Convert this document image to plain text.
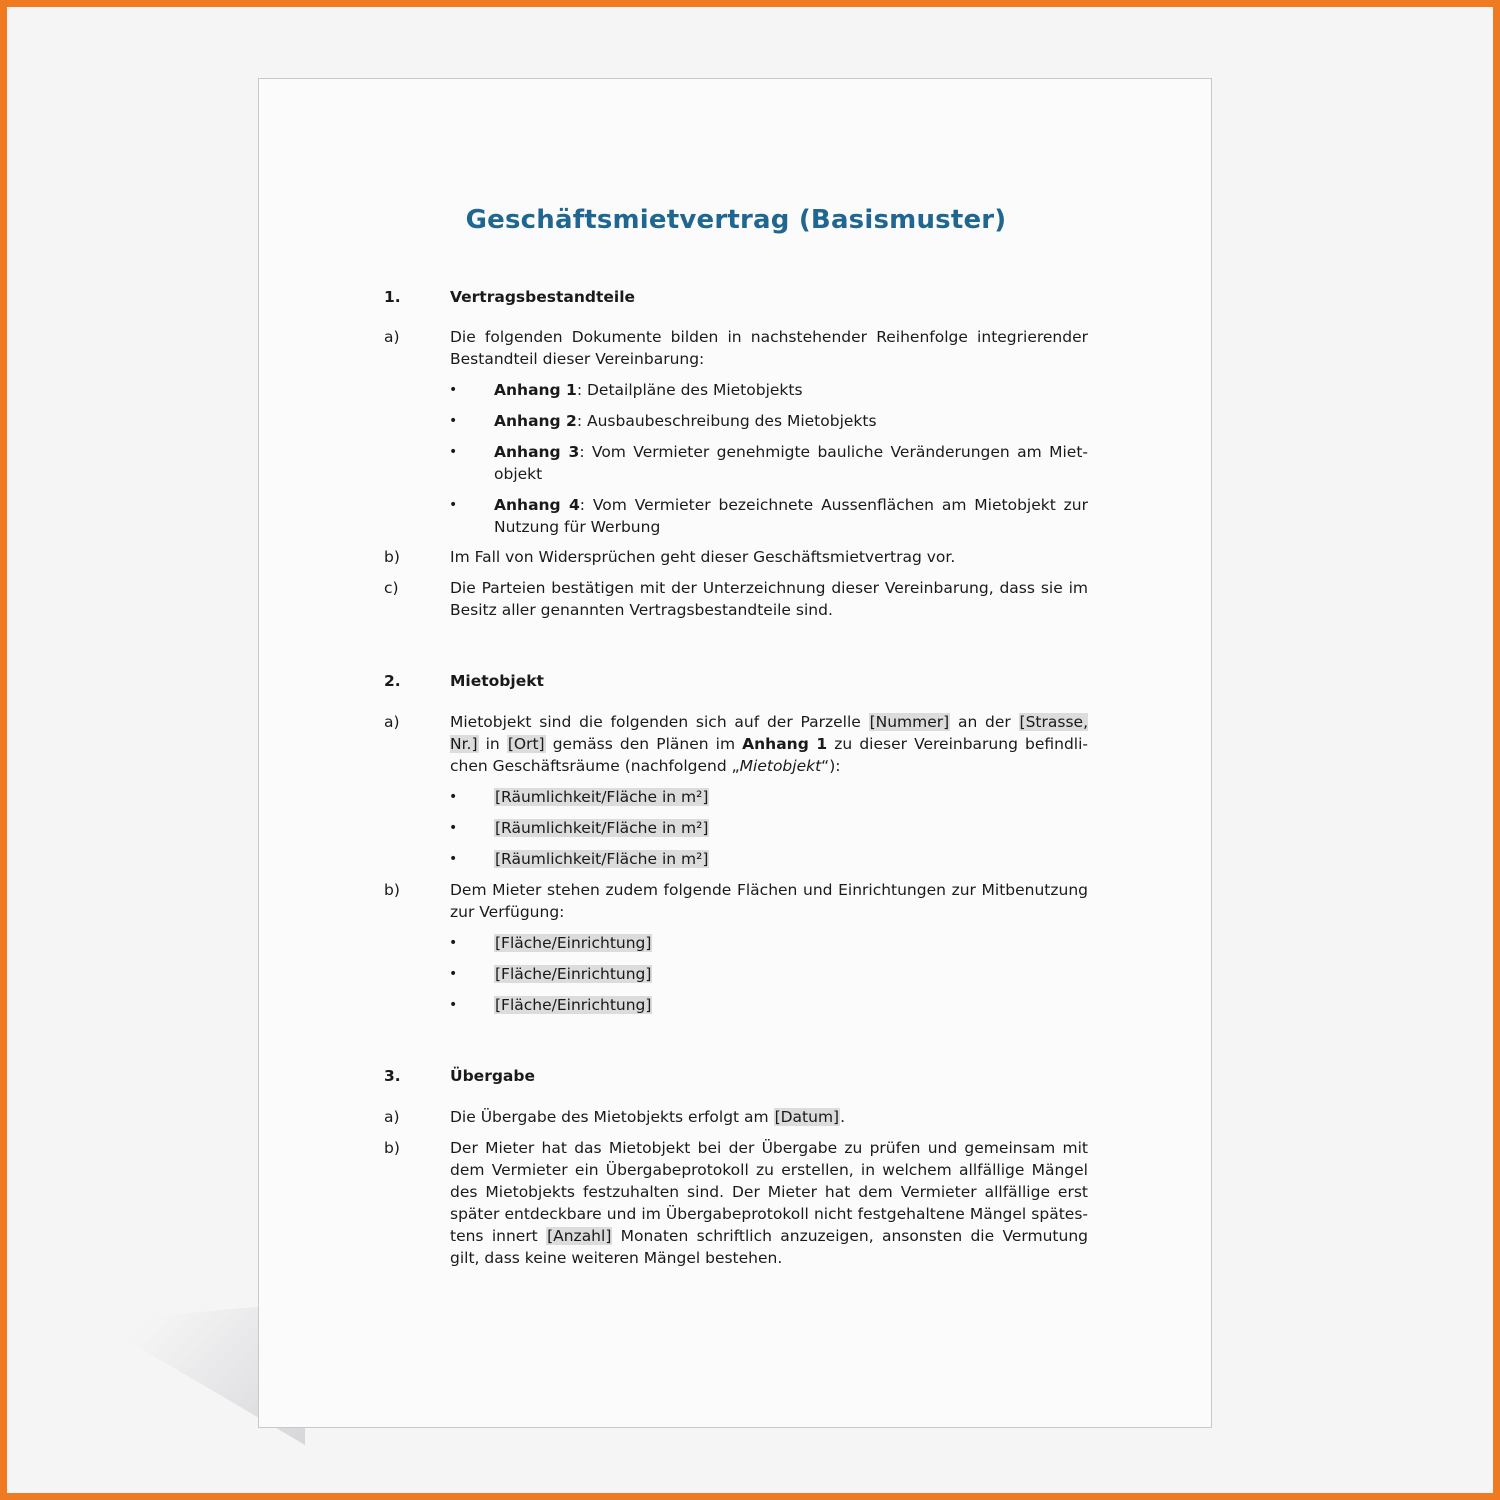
Geschäftsmietvertrag (Basismuster)
1.	Vertragsbestandteile
a)	Die folgenden Dokumente bilden in nachstehender Reihenfolge integrierender Bestandteil dieser Vereinbarung:
• Anhang 1: Detailpläne des Mietobjekts
• Anhang 2: Ausbaubeschreibung des Mietobjekts
• Anhang 3: Vom Vermieter genehmigte bauliche Veränderungen am Mietobjekt
• Anhang 4: Vom Vermieter bezeichnete Aussenflächen am Mietobjekt zur Nutzung für Werbung
b)	Im Fall von Widersprüchen geht dieser Geschäftsmietvertrag vor.
c)	Die Parteien bestätigen mit der Unterzeichnung dieser Vereinbarung, dass sie im Besitz aller genannten Vertragsbestandteile sind.
2.	Mietobjekt
a)	Mietobjekt sind die folgenden sich auf der Parzelle [Nummer] an der [Strasse, Nr.] in [Ort] gemäss den Plänen im Anhang 1 zu dieser Vereinbarung befindlichen Geschäftsräume (nachfolgend „Mietobjekt“):
• [Räumlichkeit/Fläche in m²]
• [Räumlichkeit/Fläche in m²]
• [Räumlichkeit/Fläche in m²]
b)	Dem Mieter stehen zudem folgende Flächen und Einrichtungen zur Mitbenutzung zur Verfügung:
• [Fläche/Einrichtung]
• [Fläche/Einrichtung]
• [Fläche/Einrichtung]
3.	Übergabe
a)	Die Übergabe des Mietobjekts erfolgt am [Datum].
b)	Der Mieter hat das Mietobjekt bei der Übergabe zu prüfen und gemeinsam mit dem Vermieter ein Übergabeprotokoll zu erstellen, in welchem allfällige Mängel des Mietobjekts festzuhalten sind. Der Mieter hat dem Vermieter allfällige erst später entdeckbare und im Übergabeprotokoll nicht festgehaltene Mängel spätestens innert [Anzahl] Monaten schriftlich anzuzeigen, ansonsten die Vermutung gilt, dass keine weiteren Mängel bestehen.
